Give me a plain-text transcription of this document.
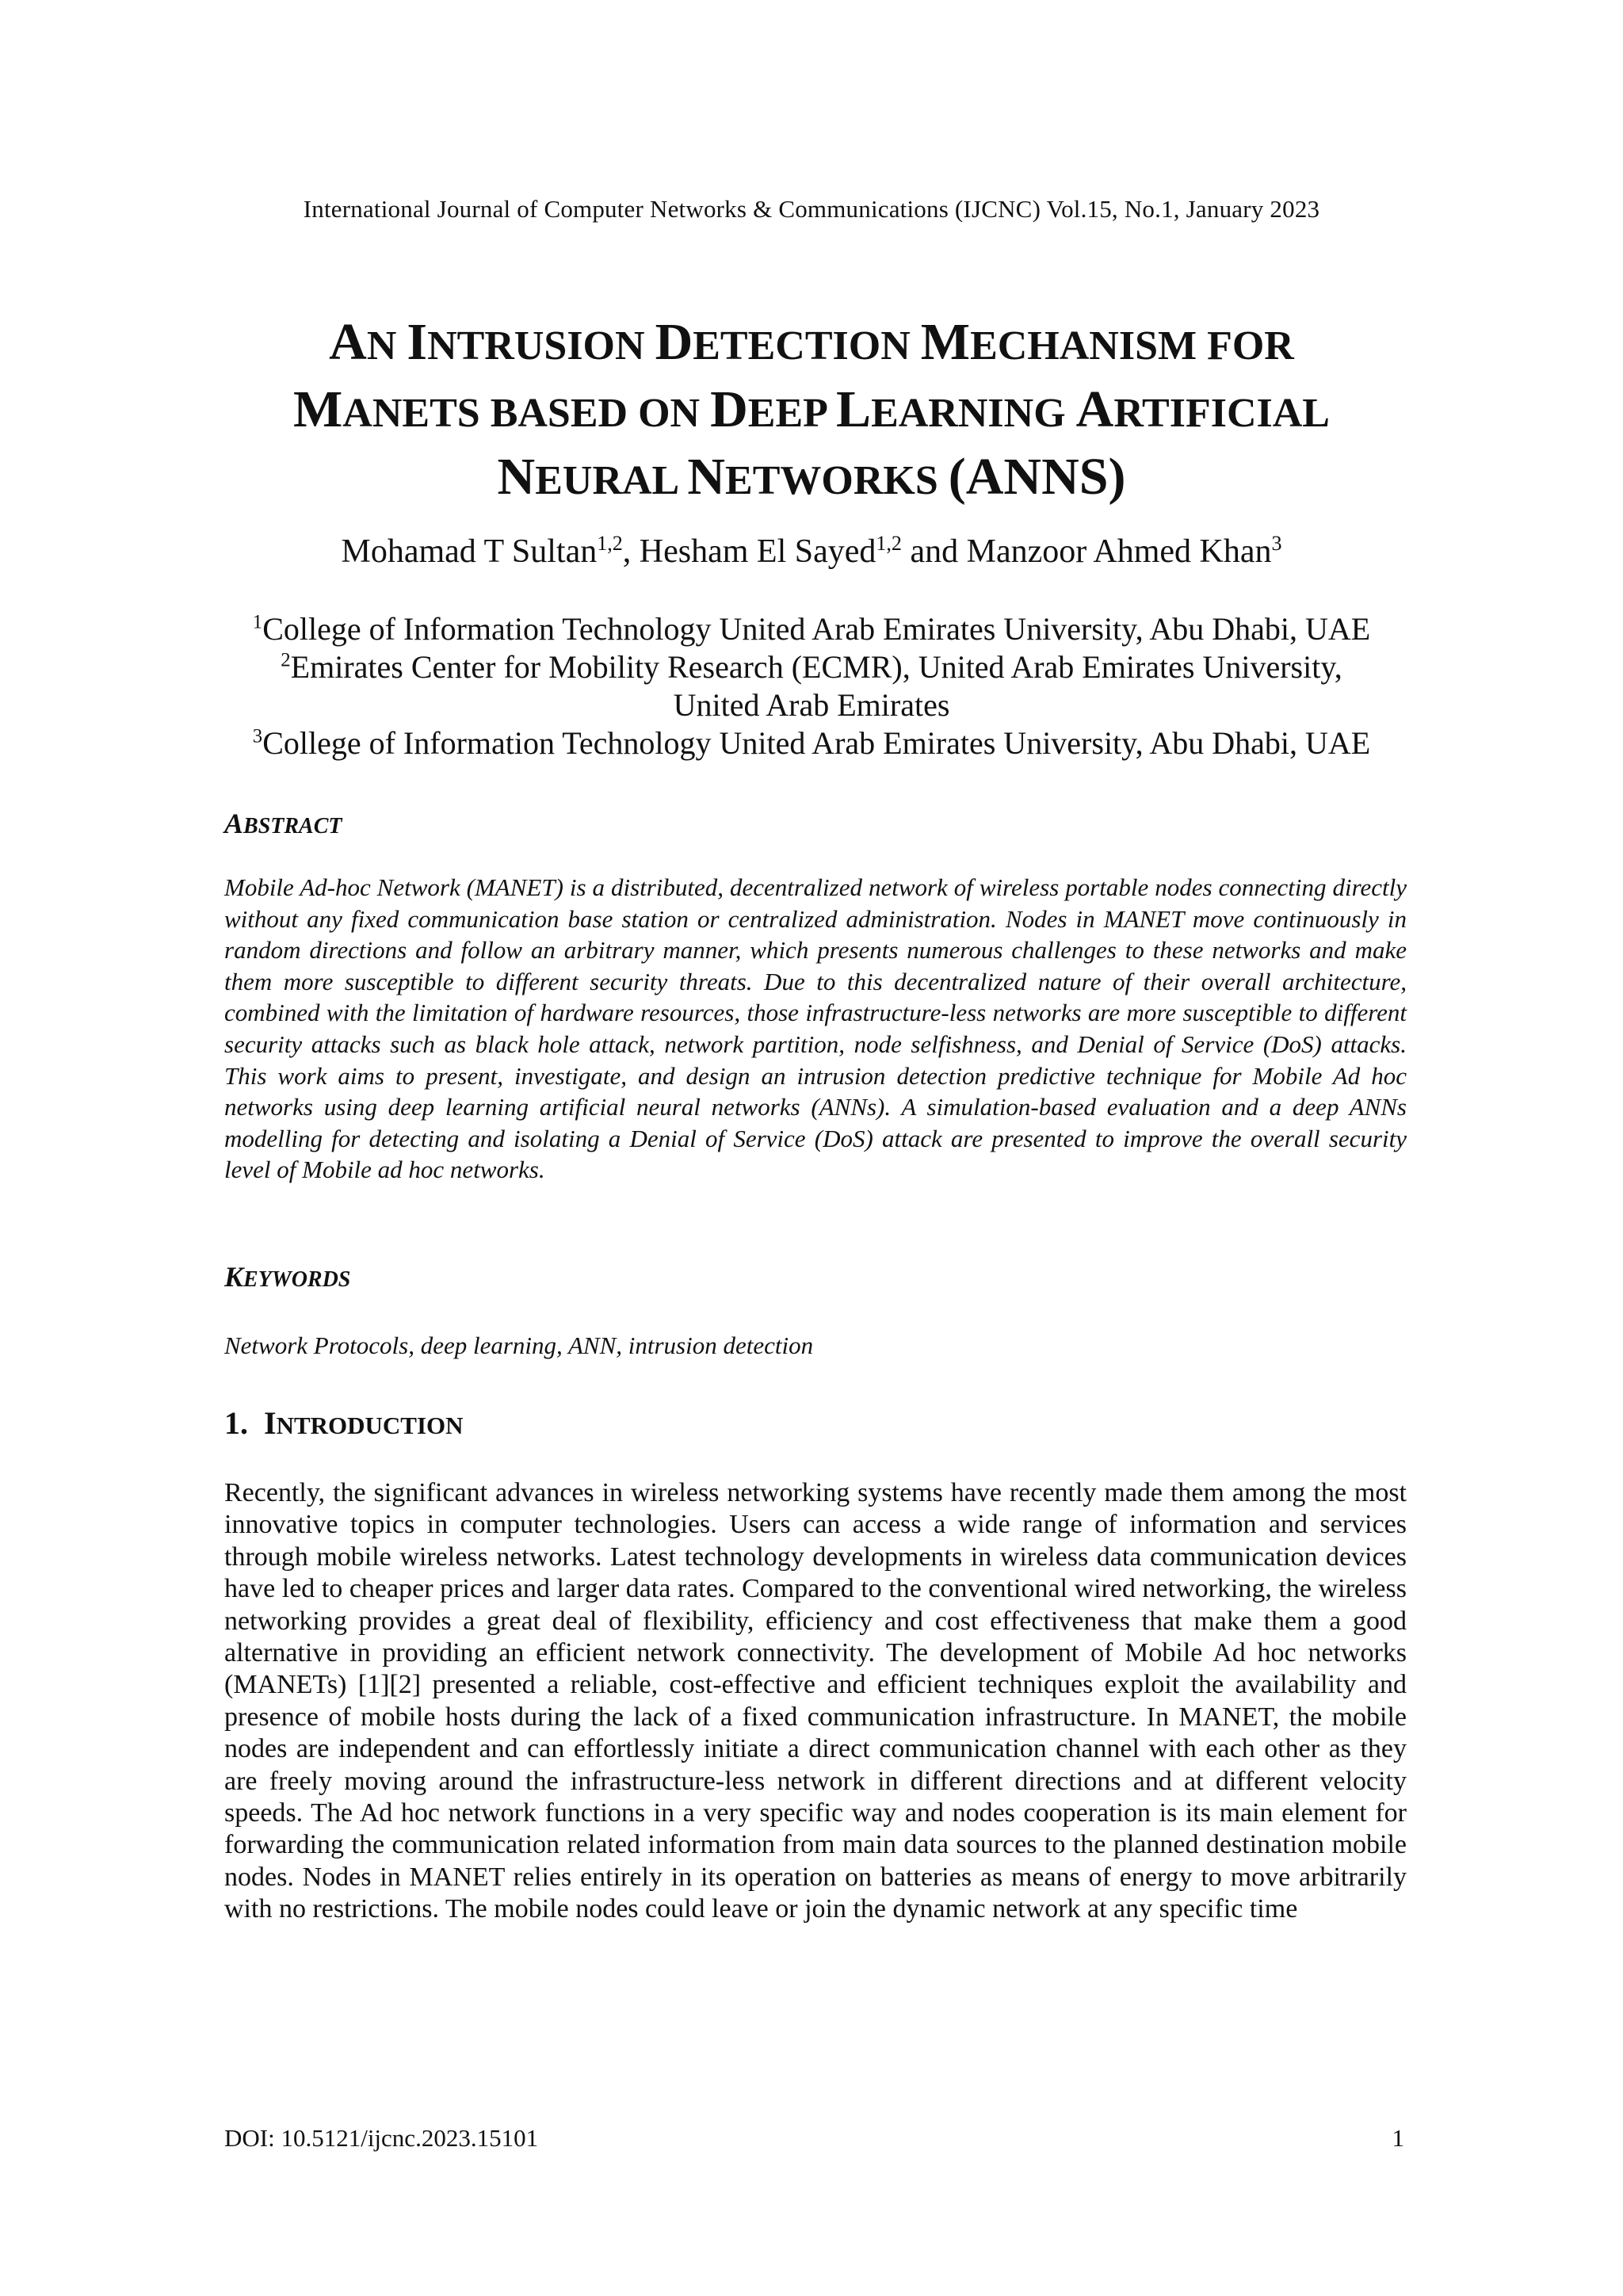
International Journal of Computer Networks & Communications (IJCNC) Vol.15, No.1, January 2023
AN INTRUSION DETECTION MECHANISM FOR
MANETS BASED ON DEEP LEARNING ARTIFICIAL
NEURAL NETWORKS (ANNS)
Mohamad T Sultan$^{1,2}$, Hesham El Sayed$^{1,2}$ and Manzoor Ahmed Khan$^3$
$^1$College of Information Technology United Arab Emirates University, Abu Dhabi, UAE
$^2$Emirates Center for Mobility Research (ECMR), United Arab Emirates University,
United Arab Emirates
$^3$College of Information Technology United Arab Emirates University, Abu Dhabi, UAE
ABSTRACT

Mobile Ad-hoc Network (MANET) is a distributed, decentralized network of wireless portable nodes connecting directly without any fixed communication base station or centralized administration. Nodes in MANET move continuously in random directions and follow an arbitrary manner, which presents numerous challenges to these networks and make them more susceptible to different security threats. Due to this decentralized nature of their overall architecture, combined with the limitation of hardware resources, those infrastructure-less networks are more susceptible to different security attacks such as black hole attack, network partition, node selfishness, and Denial of Service (DoS) attacks. This work aims to present, investigate, and design an intrusion detection predictive technique for Mobile Ad hoc networks using deep learning artificial neural networks (ANNs). A simulation-based evaluation and a deep ANNs modelling for detecting and isolating a Denial of Service (DoS) attack are presented to improve the overall security level of Mobile ad hoc networks.

KEYWORDS

Network Protocols, deep learning, ANN, intrusion detection

1. INTRODUCTION

Recently, the significant advances in wireless networking systems have recently made them among the most innovative topics in computer technologies. Users can access a wide range of information and services through mobile wireless networks. Latest technology developments in wireless data communication devices have led to cheaper prices and larger data rates. Compared to the conventional wired networking, the wireless networking provides a great deal of flexibility, efficiency and cost effectiveness that make them a good alternative in providing an efficient network connectivity. The development of Mobile Ad hoc networks (MANETs) [1][2] presented a reliable, cost-effective and efficient techniques exploit the availability and presence of mobile hosts during the lack of a fixed communication infrastructure. In MANET, the mobile nodes are independent and can effortlessly initiate a direct communication channel with each other as they are freely moving around the infrastructure-less network in different directions and at different velocity speeds. The Ad hoc network functions in a very specific way and nodes cooperation is its main element for forwarding the communication related information from main data sources to the planned destination mobile nodes. Nodes in MANET relies entirely in its operation on batteries as means of energy to move arbitrarily with no restrictions. The mobile nodes could leave or join the dynamic network at any specific time

DOI: 10.5121/ijcnc.2023.15101	1
